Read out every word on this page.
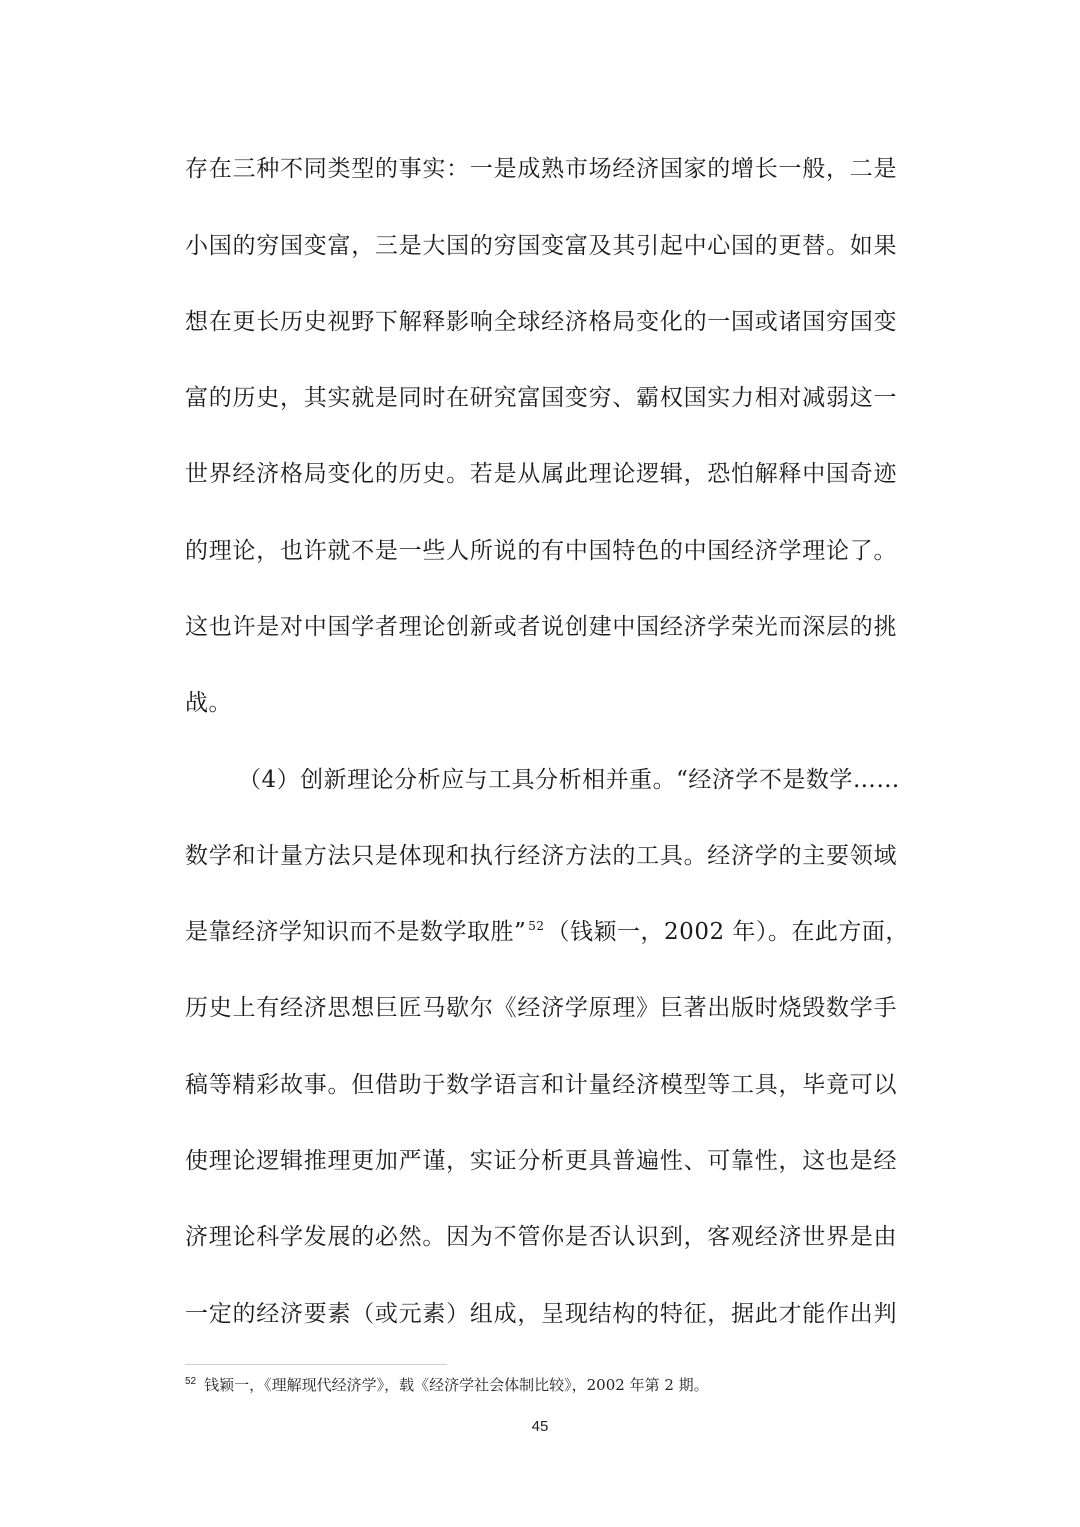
存在三种不同类型的事实：一是成熟市场经济国家的增长一般，二是
小国的穷国变富，三是大国的穷国变富及其引起中心国的更替。如果
想在更长历史视野下解释影响全球经济格局变化的一国或诸国穷国变
富的历史，其实就是同时在研究富国变穷、霸权国实力相对减弱这一
世界经济格局变化的历史。若是从属此理论逻辑，恐怕解释中国奇迹
的理论，也许就不是一些人所说的有中国特色的中国经济学理论了。
这也许是对中国学者理论创新或者说创建中国经济学荣光而深层的挑
战。
（4）创新理论分析应与工具分析相并重。“经济学不是数学……
数学和计量方法只是体现和执行经济方法的工具。经济学的主要领域
是靠经济学知识而不是数学取胜” $^{52}$（钱颖一，2002 年）。在此方面，
历史上有经济思想巨匠马歇尔《经济学原理》巨著出版时烧毁数学手
稿等精彩故事。但借助于数学语言和计量经济模型等工具，毕竟可以
使理论逻辑推理更加严谨，实证分析更具普遍性、可靠性，这也是经
济理论科学发展的必然。因为不管你是否认识到，客观经济世界是由
一定的经济要素（或元素）组成，呈现结构的特征，据此才能作出判
$^{52}$ 钱颖一，《理解现代经济学》，载《经济学社会体制比较》，2002 年第 2 期。
45
